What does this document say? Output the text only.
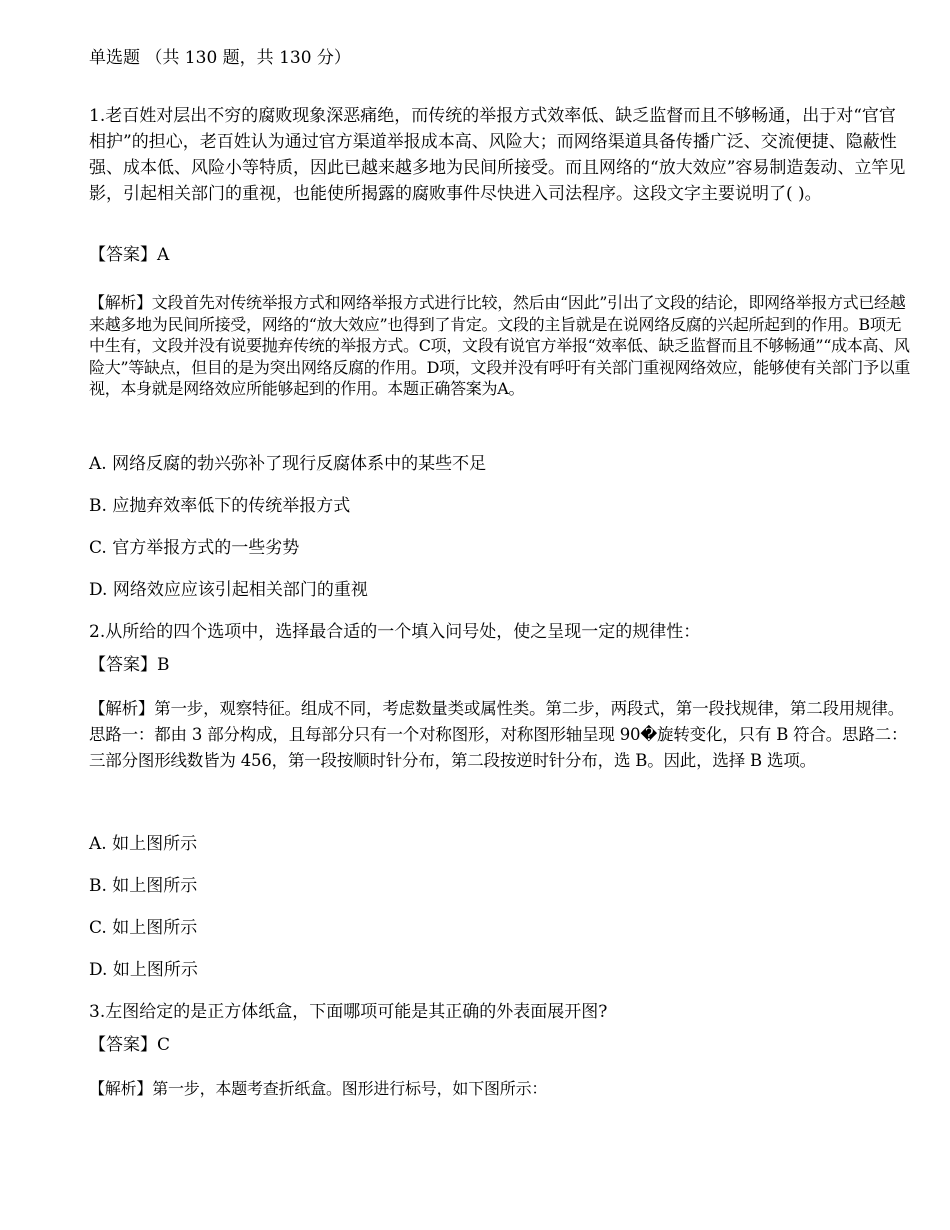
单选题 （共 130 题，共 130 分）
1.老百姓对层出不穷的腐败现象深恶痛绝，而传统的举报方式效率低、缺乏监督而且不够畅通，出于对“官官相护”的担心，老百姓认为通过官方渠道举报成本高、风险大；而网络渠道具备传播广泛、交流便捷、隐蔽性强、成本低、风险小等特质，因此已越来越多地为民间所接受。而且网络的“放大效应”容易制造轰动、立竿见影，引起相关部门的重视，也能使所揭露的腐败事件尽快进入司法程序。这段文字主要说明了( )。
【答案】A
【解析】文段首先对传统举报方式和网络举报方式进行比较，然后由“因此”引出了文段的结论，即网络举报方式已经越来越多地为民间所接受，网络的“放大效应”也得到了肯定。文段的主旨就是在说网络反腐的兴起所起到的作用。B项无中生有，文段并没有说要抛弃传统的举报方式。C项，文段有说官方举报“效率低、缺乏监督而且不够畅通”“成本高、风险大”等缺点，但目的是为突出网络反腐的作用。D项，文段并没有呼吁有关部门重视网络效应，能够使有关部门予以重视，本身就是网络效应所能够起到的作用。本题正确答案为A。
A. 网络反腐的勃兴弥补了现行反腐体系中的某些不足
B. 应抛弃效率低下的传统举报方式
C. 官方举报方式的一些劣势
D. 网络效应应该引起相关部门的重视
2.从所给的四个选项中，选择最合适的一个填入问号处，使之呈现一定的规律性：
【答案】B
【解析】第一步，观察特征。组成不同，考虑数量类或属性类。第二步，两段式，第一段找规律，第二段用规律。思路一：都由 3 部分构成，且每部分只有一个对称图形，对称图形轴呈现 90�旋转变化，只有 B 符合。思路二：三部分图形线数皆为 456，第一段按顺时针分布，第二段按逆时针分布，选 B。因此，选择 B 选项。
A. 如上图所示
B. 如上图所示
C. 如上图所示
D. 如上图所示
3.左图给定的是正方体纸盒，下面哪项可能是其正确的外表面展开图?
【答案】C
【解析】第一步，本题考查折纸盒。图形进行标号，如下图所示：
